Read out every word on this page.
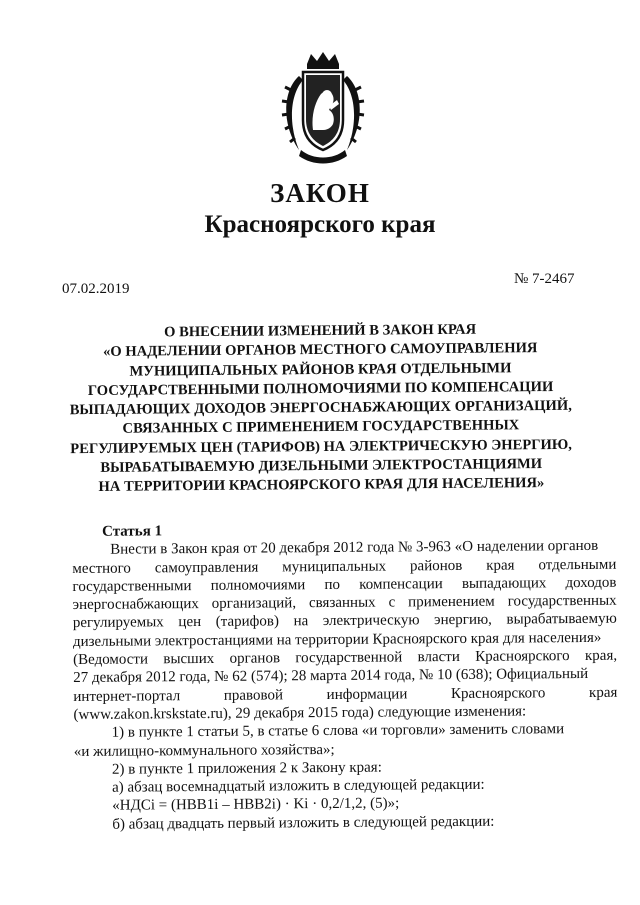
ЗАКОН
Красноярского края
07.02.2019
№ 7-2467
О ВНЕСЕНИИ ИЗМЕНЕНИЙ В ЗАКОН КРАЯ
«О НАДЕЛЕНИИ ОРГАНОВ МЕСТНОГО САМОУПРАВЛЕНИЯ
МУНИЦИПАЛЬНЫХ РАЙОНОВ КРАЯ ОТДЕЛЬНЫМИ
ГОСУДАРСТВЕННЫМИ ПОЛНОМОЧИЯМИ ПО КОМПЕНСАЦИИ
ВЫПАДАЮЩИХ ДОХОДОВ ЭНЕРГОСНАБЖАЮЩИХ ОРГАНИЗАЦИЙ,
СВЯЗАННЫХ С ПРИМЕНЕНИЕМ ГОСУДАРСТВЕННЫХ
РЕГУЛИРУЕМЫХ ЦЕН (ТАРИФОВ) НА ЭЛЕКТРИЧЕСКУЮ ЭНЕРГИЮ,
ВЫРАБАТЫВАЕМУЮ ДИЗЕЛЬНЫМИ ЭЛЕКТРОСТАНЦИЯМИ
НА ТЕРРИТОРИИ КРАСНОЯРСКОГО КРАЯ ДЛЯ НАСЕЛЕНИЯ»
Статья 1
Внести в Закон края от 20 декабря 2012 года № 3-963 «О наделении органов
местного самоуправления муниципальных районов края отдельными
государственными полномочиями по компенсации выпадающих доходов
энергоснабжающих организаций, связанных с применением государственных
регулируемых цен (тарифов) на электрическую энергию, вырабатываемую
дизельными электростанциями на территории Красноярского края для населения»
(Ведомости высших органов государственной власти Красноярского края,
27 декабря 2012 года, № 62 (574); 28 марта 2014 года, № 10 (638); Официальный
интернет-портал правовой информации Красноярского края
(www.zakon.krskstate.ru), 29 декабря 2015 года) следующие изменения:
1) в пункте 1 статьи 5, в статье 6 слова «и торговли» заменить словами
«и жилищно-коммунального хозяйства»;
2) в пункте 1 приложения 2 к Закону края:
а) абзац восемнадцатый изложить в следующей редакции:
«НДСi = (НВВ1i – НВВ2i) · Ki · 0,2/1,2, (5)»;
б) абзац двадцать первый изложить в следующей редакции:
